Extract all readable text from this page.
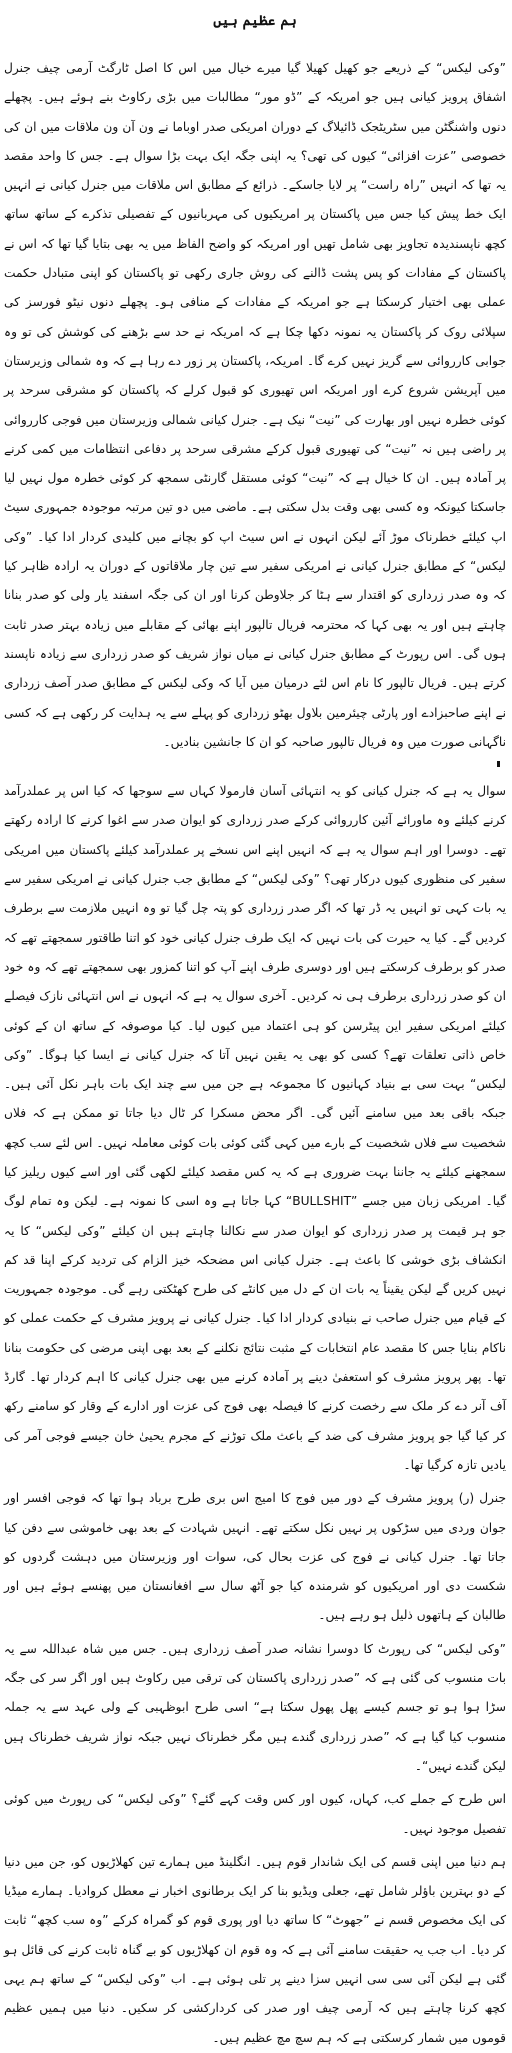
ہم عظیم ہیں

”وکی لیکس“ کے ذریعے جو کھیل کھیلا گیا میرے خیال میں اس کا اصل ٹارگٹ آرمی چیف جنرل اشفاق پرویز کیانی ہیں جو امریکہ کے ”ڈو مور“ مطالبات میں بڑی رکاوٹ بنے ہوئے ہیں۔ پچھلے دنوں واشنگٹن میں سٹریٹجک ڈائیلاگ کے دوران امریکی صدر اوباما نے ون آن ون ملاقات میں ان کی خصوصی ”عزت افزائی“ کیوں کی تھی؟ یہ اپنی جگہ ایک بہت بڑا سوال ہے۔ جس کا واحد مقصد یہ تھا کہ انہیں ”راہ راست“ پر لایا جاسکے۔ ذرائع کے مطابق اس ملاقات میں جنرل کیانی نے انہیں ایک خط پیش کیا جس میں پاکستان پر امریکیوں کی مہربانیوں کے تفصیلی تذکرے کے ساتھ ساتھ کچھ ناپسندیدہ تجاویز بھی شامل تھیں اور امریکہ کو واضح الفاظ میں یہ بھی بتایا گیا تھا کہ اس نے پاکستان کے مفادات کو پس پشت ڈالنے کی روش جاری رکھی تو پاکستان کو اپنی متبادل حکمت عملی بھی اختیار کرسکتا ہے جو امریکہ کے مفادات کے منافی ہو۔ پچھلے دنوں نیٹو فورسز کی سپلائی روک کر پاکستان یہ نمونہ دکھا چکا ہے کہ امریکہ نے حد سے بڑھنے کی کوشش کی تو وہ جوابی کارروائی سے گریز نہیں کرے گا۔ امریکہ، پاکستان پر زور دے رہا ہے کہ وہ شمالی وزیرستان میں آپریشن شروع کرے اور امریکہ اس تھیوری کو قبول کرلے کہ پاکستان کو مشرقی سرحد پر کوئی خطرہ نہیں اور بھارت کی ”نیت“ نیک ہے۔ جنرل کیانی شمالی وزیرستان میں فوجی کارروائی پر راضی ہیں نہ ”نیت“ کی تھیوری قبول کرکے مشرقی سرحد پر دفاعی انتظامات میں کمی کرنے پر آمادہ ہیں۔ ان کا خیال ہے کہ ”نیت“ کوئی مستقل گارنٹی سمجھ کر کوئی خطرہ مول نہیں لیا جاسکتا کیونکہ وہ کسی بھی وقت بدل سکتی ہے۔ ماضی میں دو تین مرتبہ موجودہ جمہوری سیٹ اپ کیلئے خطرناک موڑ آئے لیکن انہوں نے اس سیٹ اپ کو بچانے میں کلیدی کردار ادا کیا۔ ”وکی لیکس“ کے مطابق جنرل کیانی نے امریکی سفیر سے تین چار ملاقاتوں کے دوران یہ ارادہ ظاہر کیا کہ وہ صدر زرداری کو اقتدار سے ہٹا کر جلاوطن کرنا اور ان کی جگہ اسفند یار ولی کو صدر بنانا چاہتے ہیں اور یہ بھی کہا کہ محترمہ فریال تالپور اپنے بھائی کے مقابلے میں زیادہ بہتر صدر ثابت ہوں گی۔ اس رپورٹ کے مطابق جنرل کیانی نے میاں نواز شریف کو صدر زرداری سے زیادہ ناپسند کرتے ہیں۔ فریال تالپور کا نام اس لئے درمیان میں آیا کہ وکی لیکس کے مطابق صدر آصف زرداری نے اپنے صاحبزادے اور پارٹی چیئرمین بلاول بھٹو زرداری کو پہلے سے یہ ہدایت کر رکھی ہے کہ کسی ناگہانی صورت میں وہ فریال تالپور صاحبہ کو ان کا جانشین بنادیں۔

سوال یہ ہے کہ جنرل کیانی کو یہ انتہائی آسان فارمولا کہاں سے سوجھا کہ کیا اس پر عملدرآمد کرنے کیلئے وہ ماورائے آئین کارروائی کرکے صدر زرداری کو ایوان صدر سے اغوا کرنے کا ارادہ رکھتے تھے۔ دوسرا اور اہم سوال یہ ہے کہ انہیں اپنے اس نسخے پر عملدرآمد کیلئے پاکستان میں امریکی سفیر کی منظوری کیوں درکار تھی؟ ”وکی لیکس“ کے مطابق جب جنرل کیانی نے امریکی سفیر سے یہ بات کہی تو انہیں یہ ڈر تھا کہ اگر صدر زرداری کو پتہ چل گیا تو وہ انہیں ملازمت سے برطرف کردیں گے۔ کیا یہ حیرت کی بات نہیں کہ ایک طرف جنرل کیانی خود کو اتنا طاقتور سمجھتے تھے کہ صدر کو برطرف کرسکتے ہیں اور دوسری طرف اپنے آپ کو اتنا کمزور بھی سمجھتے تھے کہ وہ خود ان کو صدر زرداری برطرف ہی نہ کردیں۔ آخری سوال یہ ہے کہ انہوں نے اس انتہائی نازک فیصلے کیلئے امریکی سفیر این پیٹرسن کو ہی اعتماد میں کیوں لیا۔ کیا موصوفہ کے ساتھ ان کے کوئی خاص ذاتی تعلقات تھے؟ کسی کو بھی یہ یقین نہیں آتا کہ جنرل کیانی نے ایسا کیا ہوگا۔ ”وکی لیکس“ بہت سی بے بنیاد کہانیوں کا مجموعہ ہے جن میں سے چند ایک بات باہر نکل آئی ہیں۔ جبکہ باقی بعد میں سامنے آئیں گی۔ اگر محض مسکرا کر ٹال دیا جاتا تو ممکن ہے کہ فلاں شخصیت سے فلاں شخصیت کے بارے میں کہی گئی کوئی بات کوئی معاملہ نہیں۔ اس لئے سب کچھ سمجھنے کیلئے یہ جاننا بہت ضروری ہے کہ یہ کس مقصد کیلئے لکھی گئی اور اسے کیوں ریلیز کیا گیا۔ امریکی زبان میں جسے ”BULLSHIT“ کہا جاتا ہے وہ اسی کا نمونہ ہے۔ لیکن وہ تمام لوگ جو ہر قیمت پر صدر زرداری کو ایوان صدر سے نکالنا چاہتے ہیں ان کیلئے ”وکی لیکس“ کا یہ انکشاف بڑی خوشی کا باعث ہے۔ جنرل کیانی اس مضحکہ خیز الزام کی تردید کرکے اپنا قد کم نہیں کریں گے لیکن یقیناً یہ بات ان کے دل میں کانٹے کی طرح کھٹکتی رہے گی۔ موجودہ جمہوریت کے قیام میں جنرل صاحب نے بنیادی کردار ادا کیا۔ جنرل کیانی نے پرویز مشرف کے حکمت عملی کو ناکام بنایا جس کا مقصد عام انتخابات کے مثبت نتائج نکلنے کے بعد بھی اپنی مرضی کی حکومت بنانا تھا۔ پھر پرویز مشرف کو استعفیٰ دینے پر آمادہ کرنے میں بھی جنرل کیانی کا اہم کردار تھا۔ گارڈ آف آنر دے کر ملک سے رخصت کرنے کا فیصلہ بھی فوج کی عزت اور ادارے کے وقار کو سامنے رکھ کر کیا گیا جو پرویز مشرف کی ضد کے باعث ملک توڑنے کے مجرم یحییٰ خان جیسے فوجی آمر کی یادیں تازہ کرگیا تھا۔

جنرل (ر) پرویز مشرف کے دور میں فوج کا امیج اس بری طرح برباد ہوا تھا کہ فوجی افسر اور جوان وردی میں سڑکوں پر نہیں نکل سکتے تھے۔ انہیں شہادت کے بعد بھی خاموشی سے دفن کیا جاتا تھا۔ جنرل کیانی نے فوج کی عزت بحال کی، سوات اور وزیرستان میں دہشت گردوں کو شکست دی اور امریکیوں کو شرمندہ کیا جو آٹھ سال سے افغانستان میں پھنسے ہوئے ہیں اور طالبان کے ہاتھوں ذلیل ہو رہے ہیں۔

”وکی لیکس“ کی رپورٹ کا دوسرا نشانہ صدر آصف زرداری ہیں۔ جس میں شاہ عبداللہ سے یہ بات منسوب کی گئی ہے کہ ”صدر زرداری پاکستان کی ترقی میں رکاوٹ ہیں اور اگر سر کی جگہ سڑا ہوا ہو تو جسم کیسے پھل پھول سکتا ہے“ اسی طرح ابوظہبی کے ولی عہد سے یہ جملہ منسوب کیا گیا ہے کہ ”صدر زرداری گندے ہیں مگر خطرناک نہیں جبکہ نواز شریف خطرناک ہیں لیکن گندے نہیں“۔

اس طرح کے جملے کب، کہاں، کیوں اور کس وقت کہے گئے؟ ”وکی لیکس“ کی رپورٹ میں کوئی تفصیل موجود نہیں۔

ہم دنیا میں اپنی قسم کی ایک شاندار قوم ہیں۔ انگلینڈ میں ہمارے تین کھلاڑیوں کو، جن میں دنیا کے دو بہترین باؤلر شامل تھے، جعلی ویڈیو بنا کر ایک برطانوی اخبار نے معطل کروادیا۔ ہمارے میڈیا کی ایک مخصوص قسم نے ”جھوٹ“ کا ساتھ دیا اور پوری قوم کو گمراہ کرکے ”وہ سب کچھ“ ثابت کر دیا۔ اب جب یہ حقیقت سامنے آئی ہے کہ وہ قوم ان کھلاڑیوں کو بے گناہ ثابت کرنے کی قائل ہو گئی ہے لیکن آئی سی سی انہیں سزا دینے پر تلی ہوئی ہے۔ اب ”وکی لیکس“ کے ساتھ ہم یہی کچھ کرنا چاہتے ہیں کہ آرمی چیف اور صدر کی کردارکشی کر سکیں۔ دنیا میں ہمیں عظیم قوموں میں شمار کرسکتی ہے کہ ہم سچ مچ عظیم ہیں۔
